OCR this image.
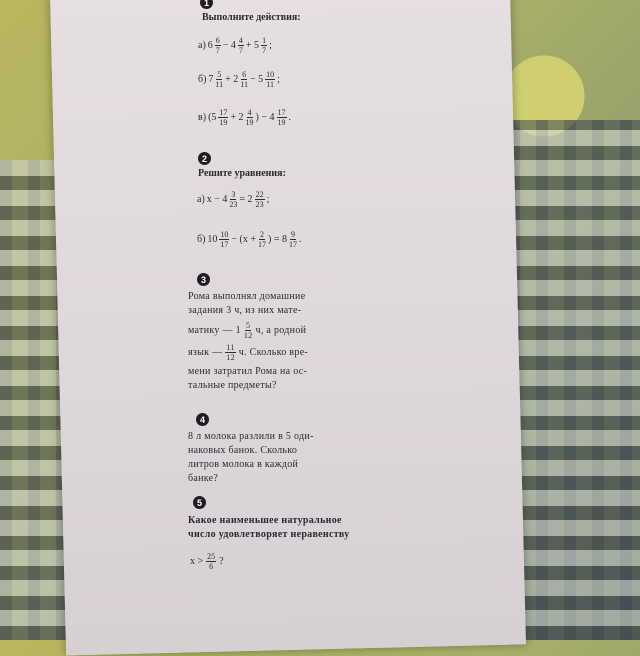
1
Выполните действия:
а) $6 \frac{6}{7} - 4 \frac{4}{7} + 5 \frac{1}{7}$ ;
б) $7 \frac{5}{11} + 2 \frac{6}{11} - 5 \frac{10}{11}$ ;
в) ($5 \frac{17}{19} + 2 \frac{4}{19}$ ) − $4 \frac{17}{19}$ .
2
Решите уравнения:
а) $x - 4 \frac{3}{23} = 2 \frac{22}{23}$ ;
б) $10 \frac{10}{17} - (x + \frac{2}{17}$ ) = $8 \frac{9}{17}$ .
3
Рома выполнял домашние
задания 3 ч, из них мате-
матику — $1 \frac{5}{12} ч$, а родной
язык — $\frac{11}{12} ч$. Сколько вре-
мени затратил Рома на ос-
тальные предметы?
4
8 л молока разлили в 5 оди-
наковых банок. Сколько
литров молока в каждой
банке?
5
Какое наименьшее натуральное
число удовлетворяет неравенству
$x > \frac{25}{6}$ ?
